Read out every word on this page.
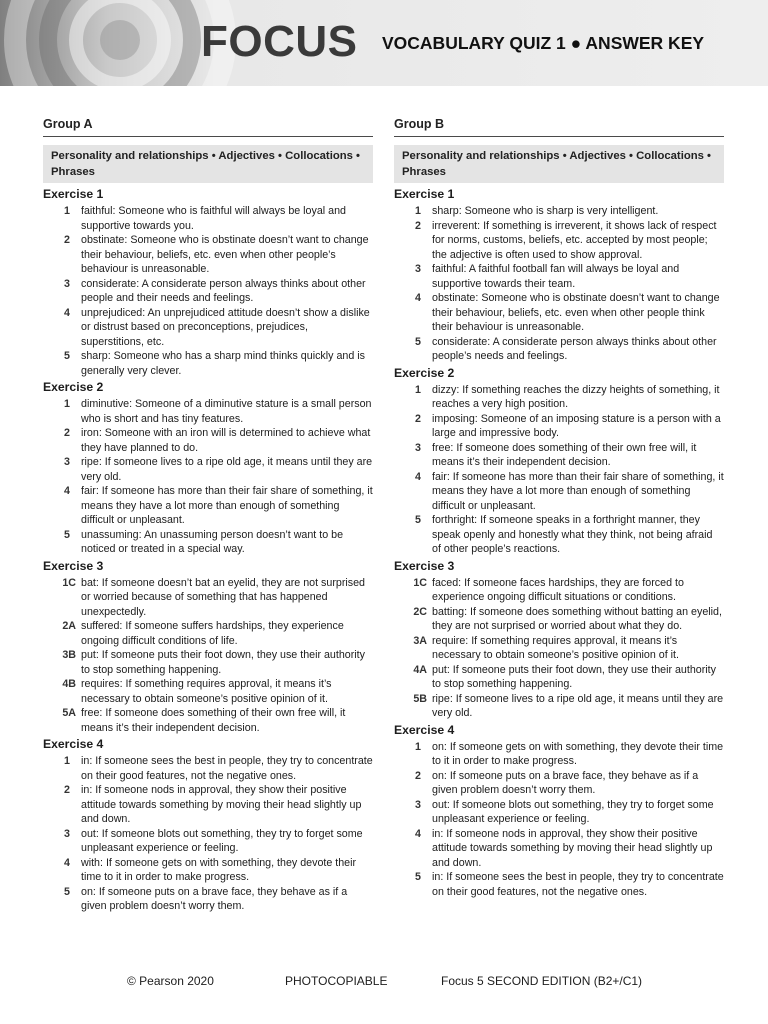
FOCUS VOCABULARY QUIZ 1 ● ANSWER KEY
Group A
Personality and relationships • Adjectives • Collocations • Phrases
Exercise 1
1	faithful: Someone who is faithful will always be loyal and supportive towards you.
2	obstinate: Someone who is obstinate doesn’t want to change their behaviour, beliefs, etc. even when other people’s behaviour is unreasonable.
3	considerate: A considerate person always thinks about other people and their needs and feelings.
4	unprejudiced: An unprejudiced attitude doesn’t show a dislike or distrust based on preconceptions, prejudices, superstitions, etc.
5	sharp: Someone who has a sharp mind thinks quickly and is generally very clever.
Exercise 2
1	diminutive: Someone of a diminutive stature is a small person who is short and has tiny features.
2	iron: Someone with an iron will is determined to achieve what they have planned to do.
3	ripe: If someone lives to a ripe old age, it means until they are very old.
4	fair: If someone has more than their fair share of something, it means they have a lot more than enough of something difficult or unpleasant.
5	unassuming: An unassuming person doesn’t want to be noticed or treated in a special way.
Exercise 3
1C bat: If someone doesn’t bat an eyelid, they are not surprised or worried because of something that has happened unexpectedly.
2A suffered: If someone suffers hardships, they experience ongoing difficult conditions of life.
3B put: If someone puts their foot down, they use their authority to stop something happening.
4B requires: If something requires approval, it means it’s necessary to obtain someone’s positive opinion of it.
5A free: If someone does something of their own free will, it means it’s their independent decision.
Exercise 4
1	in: If someone sees the best in people, they try to concentrate on their good features, not the negative ones.
2	in: If someone nods in approval, they show their positive attitude towards something by moving their head slightly up and down.
3	out: If someone blots out something, they try to forget some unpleasant experience or feeling.
4	with: If someone gets on with something, they devote their time to it in order to make progress.
5	on: If someone puts on a brave face, they behave as if a given problem doesn’t worry them.
Group B
Personality and relationships • Adjectives • Collocations • Phrases
Exercise 1
1	sharp: Someone who is sharp is very intelligent.
2	irreverent: If something is irreverent, it shows lack of respect for norms, customs, beliefs, etc. accepted by most people; the adjective is often used to show approval.
3	faithful: A faithful football fan will always be loyal and supportive towards their team.
4	obstinate: Someone who is obstinate doesn’t want to change their behaviour, beliefs, etc. even when other people think their behaviour is unreasonable.
5	considerate: A considerate person always thinks about other people’s needs and feelings.
Exercise 2
1	dizzy: If something reaches the dizzy heights of something, it reaches a very high position.
2	imposing: Someone of an imposing stature is a person with a large and impressive body.
3	free: If someone does something of their own free will, it means it’s their independent decision.
4	fair: If someone has more than their fair share of something, it means they have a lot more than enough of something difficult or unpleasant.
5	forthright: If someone speaks in a forthright manner, they speak openly and honestly what they think, not being afraid of other people’s reactions.
Exercise 3
1C faced: If someone faces hardships, they are forced to experience ongoing difficult situations or conditions.
2C batting: If someone does something without batting an eyelid, they are not surprised or worried about what they do.
3A require: If something requires approval, it means it’s necessary to obtain someone’s positive opinion of it.
4A put: If someone puts their foot down, they use their authority to stop something happening.
5B ripe: If someone lives to a ripe old age, it means until they are very old.
Exercise 4
1	on: If someone gets on with something, they devote their time to it in order to make progress.
2	on: If someone puts on a brave face, they behave as if a given problem doesn’t worry them.
3	out: If someone blots out something, they try to forget some unpleasant experience or feeling.
4	in: If someone nods in approval, they show their positive attitude towards something by moving their head slightly up and down.
5	in: If someone sees the best in people, they try to concentrate on their good features, not the negative ones.
© Pearson 2020	PHOTOCOPIABLE	Focus 5 SECOND EDITION (B2+/C1)
